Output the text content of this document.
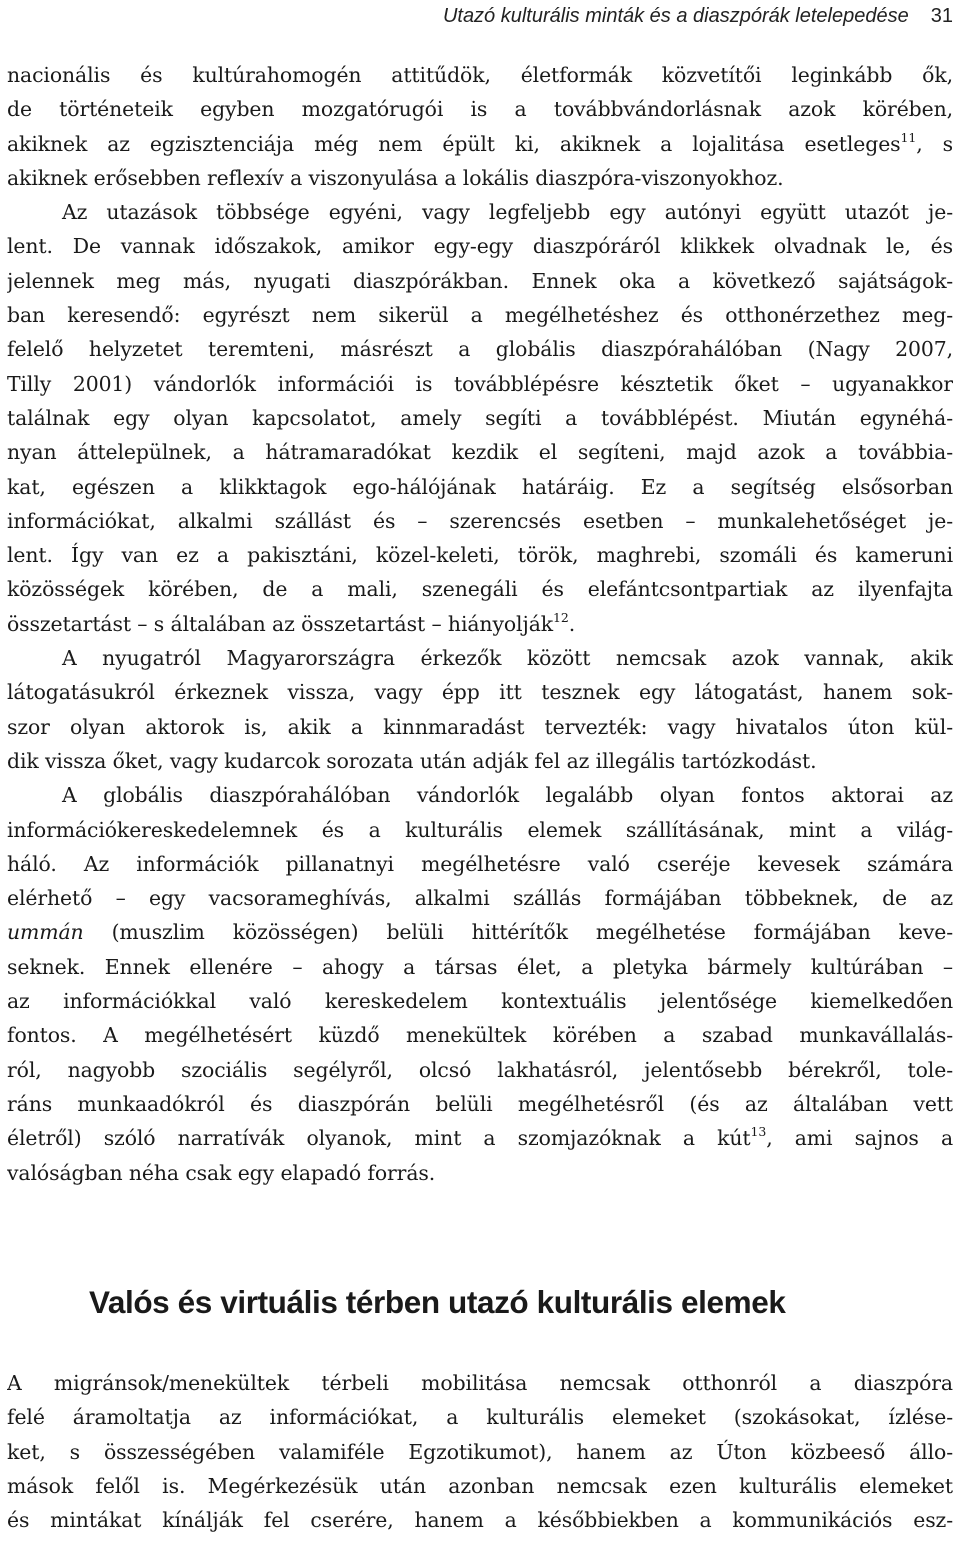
Utazó kulturális minták és a diaszpórák letelepedése 31
nacionális és kultúrahomogén attitűdök, életformák közvetítői leginkább ők,
de történeteik egyben mozgatórugói is a továbbvándorlásnak azok körében,
akiknek az egzisztenciája még nem épült ki, akiknek a lojalitása esetleges$^{11}$, s
akiknek erősebben reflexív a viszonyulása a lokális diaszpóra-viszonyokhoz.
Az utazások többsége egyéni, vagy legfeljebb egy autónyi együtt utazót je-
lent. De vannak időszakok, amikor egy-egy diaszpóráról klikkek olvadnak le, és
jelennek meg más, nyugati diaszpórákban. Ennek oka a következő sajátságok-
ban keresendő: egyrészt nem sikerül a megélhetéshez és otthonérzethez meg-
felelő helyzetet teremteni, másrészt a globális diaszpórahálóban (Nagy 2007,
Tilly 2001) vándorlók információi is továbblépésre késztetik őket – ugyanakkor
találnak egy olyan kapcsolatot, amely segíti a továbblépést. Miután egynéhá-
nyan áttelepülnek, a hátramaradókat kezdik el segíteni, majd azok a továbbia-
kat, egészen a klikktagok ego-hálójának határáig. Ez a segítség elsősorban
információkat, alkalmi szállást és – szerencsés esetben – munkalehetőséget je-
lent. Így van ez a pakisztáni, közel-keleti, török, maghrebi, szomáli és kameruni
közösségek körében, de a mali, szenegáli és elefántcsontpartiak az ilyenfajta
összetartást – s általában az összetartást – hiányolják$^{12}$.
A nyugatról Magyarországra érkezők között nemcsak azok vannak, akik
látogatásukról érkeznek vissza, vagy épp itt tesznek egy látogatást, hanem sok-
szor olyan aktorok is, akik a kinnmaradást tervezték: vagy hivatalos úton kül-
dik vissza őket, vagy kudarcok sorozata után adják fel az illegális tartózkodást.
A globális diaszpórahálóban vándorlók legalább olyan fontos aktorai az
információkereskedelemnek és a kulturális elemek szállításának, mint a világ-
háló. Az információk pillanatnyi megélhetésre való cseréje kevesek számára
elérhető – egy vacsorameghívás, alkalmi szállás formájában többeknek, de az
ummán (muszlim közösségen) belüli hittérítők megélhetése formájában keve-
seknek. Ennek ellenére – ahogy a társas élet, a pletyka bármely kultúrában –
az információkkal való kereskedelem kontextuális jelentősége kiemelkedően
fontos. A megélhetésért küzdő menekültek körében a szabad munkavállalás-
ról, nagyobb szociális segélyről, olcsó lakhatásról, jelentősebb bérekről, tole-
ráns munkaadókról és diaszpórán belüli megélhetésről (és az általában vett
életről) szóló narratívák olyanok, mint a szomjazóknak a kút$^{13}$, ami sajnos a
valóságban néha csak egy elapadó forrás.
Valós és virtuális térben utazó kulturális elemek
A migránsok/menekültek térbeli mobilitása nemcsak otthonról a diaszpóra
felé áramoltatja az információkat, a kulturális elemeket (szokásokat, ízlése-
ket, s összességében valamiféle Egzotikumot), hanem az Úton közbeeső állo-
mások felől is. Megérkezésük után azonban nemcsak ezen kulturális elemeket
és mintákat kínálják fel cserére, hanem a későbbiekben a kommunikációs esz-
